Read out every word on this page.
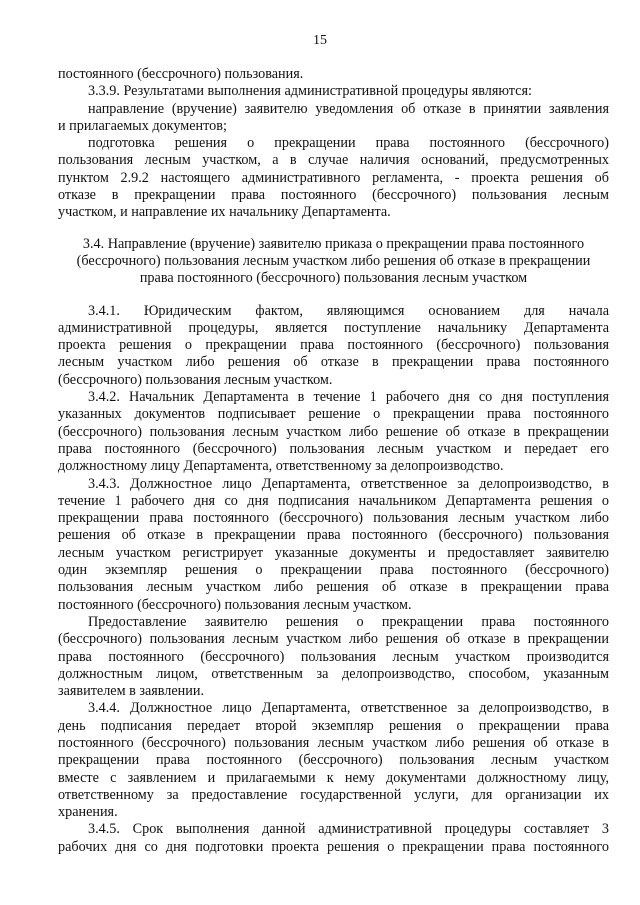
15
постоянного (бессрочного) пользования.
3.3.9. Результатами выполнения административной процедуры являются:
направление (вручение) заявителю уведомления об отказе в принятии заявления
и прилагаемых документов;
подготовка решения о прекращении права постоянного (бессрочного)
пользования лесным участком, а в случае наличия оснований, предусмотренных
пунктом 2.9.2 настоящего административного регламента, - проекта решения об
отказе в прекращении права постоянного (бессрочного) пользования лесным
участком, и направление их начальнику Департамента.
3.4. Направление (вручение) заявителю приказа о прекращении права постоянного
(бессрочного) пользования лесным участком либо решения об отказе в прекращении
права постоянного (бессрочного) пользования лесным участком
3.4.1. Юридическим фактом, являющимся основанием для начала
административной процедуры, является поступление начальнику Департамента
проекта решения о прекращении права постоянного (бессрочного) пользования
лесным участком либо решения об отказе в прекращении права постоянного
(бессрочного) пользования лесным участком.
3.4.2. Начальник Департамента в течение 1 рабочего дня со дня поступления
указанных документов подписывает решение о прекращении права постоянного
(бессрочного) пользования лесным участком либо решение об отказе в прекращении
права постоянного (бессрочного) пользования лесным участком и передает его
должностному лицу Департамента, ответственному за делопроизводство.
3.4.3. Должностное лицо Департамента, ответственное за делопроизводство, в
течение 1 рабочего дня со дня подписания начальником Департамента решения о
прекращении права постоянного (бессрочного) пользования лесным участком либо
решения об отказе в прекращении права постоянного (бессрочного) пользования
лесным участком регистрирует указанные документы и предоставляет заявителю
один экземпляр решения о прекращении права постоянного (бессрочного)
пользования лесным участком либо решения об отказе в прекращении права
постоянного (бессрочного) пользования лесным участком.
Предоставление заявителю решения о прекращении права постоянного
(бессрочного) пользования лесным участком либо решения об отказе в прекращении
права постоянного (бессрочного) пользования лесным участком производится
должностным лицом, ответственным за делопроизводство, способом, указанным
заявителем в заявлении.
3.4.4. Должностное лицо Департамента, ответственное за делопроизводство, в
день подписания передает второй экземпляр решения о прекращении права
постоянного (бессрочного) пользования лесным участком либо решения об отказе в
прекращении права постоянного (бессрочного) пользования лесным участком
вместе с заявлением и прилагаемыми к нему документами должностному лицу,
ответственному за предоставление государственной услуги, для организации их
хранения.
3.4.5. Срок выполнения данной административной процедуры составляет 3
рабочих дня со дня подготовки проекта решения о прекращении права постоянного
